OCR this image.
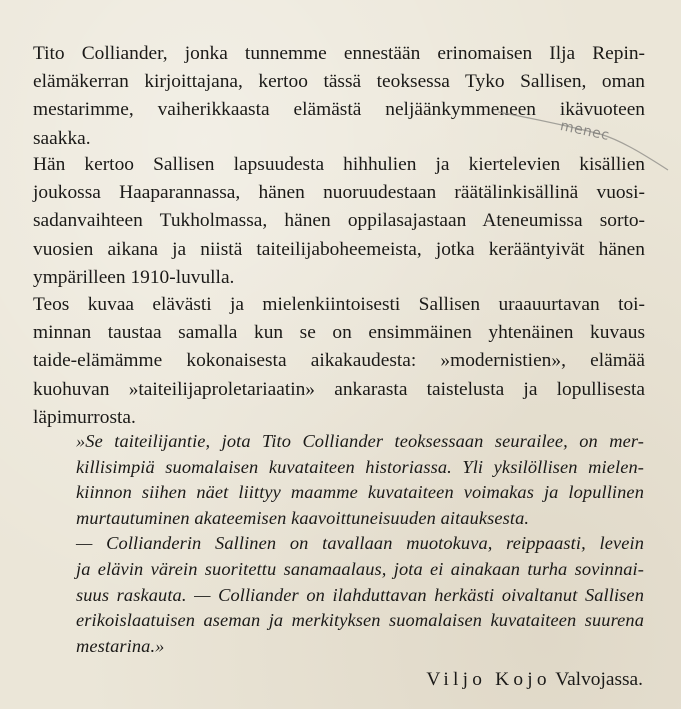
Tito Colliander, jonka tunnemme ennestään erinomaisen Ilja Repin-
elämäkerran kirjoittajana, kertoo tässä teoksessa Tyko Sallisen, oman
mestarimme, vaiherikkaasta elämästä neljäänkymmeneen ikävuoteen
saakka.
Hän kertoo Sallisen lapsuudesta hihhulien ja kiertelevien kisällien
joukossa Haaparannassa, hänen nuoruudestaan räätälinkisällinä vuosi-
sadanvaihteen Tukholmassa, hänen oppilasajastaan Ateneumissa sorto-
vuosien aikana ja niistä taiteilijaboheemeista, jotka kerääntyivät hänen
ympärilleen 1910-luvulla.
Teos kuvaa elävästi ja mielenkiintoisesti Sallisen uraauurtavan toi-
minnan taustaa samalla kun se on ensimmäinen yhtenäinen kuvaus
taide-elämämme kokonaisesta aikakaudesta: »modernistien», elämää
kuohuvan »taiteilijaproletariaatin» ankarasta taistelusta ja lopullisesta
läpimurrosta.
»Se taiteilijantie, jota Tito Colliander teoksessaan seurailee, on mer-
killisimpiä suomalaisen kuvataiteen historiassa. Yli yksilöllisen mielen-
kiinnon siihen näet liittyy maamme kuvataiteen voimakas ja lopullinen
murtautuminen akateemisen kaavoittuneisuuden aitauksesta.
— Collianderin Sallinen on tavallaan muotokuva, reippaasti, levein
ja elävin värein suoritettu sanamaalaus, jota ei ainakaan turha sovinnai-
suus raskauta. — Colliander on ilahduttavan herkästi oivaltanut Sallisen
erikoislaatuisen aseman ja merkityksen suomalaisen kuvataiteen suurena
mestarina.»
Viljo Kojo Valvojassa.
menec
